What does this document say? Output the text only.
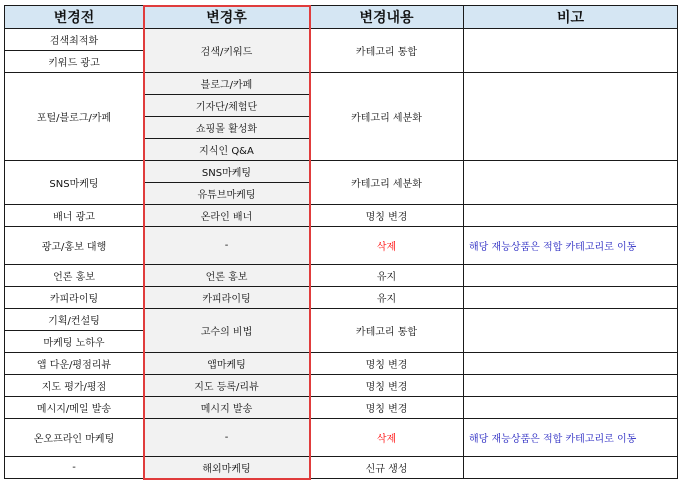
변경전	변경후	변경내용	비고
검색최적화	검색/키워드	카테고리 통합	
키워드 광고			
포털/블로그/카페	블로그/카페	카테고리 세분화	
	기자단/체험단		
	쇼핑몰 활성화		
	지식인 Q&A		
SNS마케팅	SNS마케팅	카테고리 세분화	
	유튜브마케팅		
배너 광고	온라인 배너	명칭 변경	
광고/홍보 대행	-	삭제	해당 재능상품은 적합 카테고리로 이동
언론 홍보	언론 홍보	유지	
카피라이팅	카피라이팅	유지	
기획/컨설팅	고수의 비법	카테고리 통합	
마케팅 노하우			
앱 다운/평점리뷰	앱마케팅	명칭 변경	
지도 평가/평점	지도 등록/리뷰	명칭 변경	
메시지/메일 발송	메시지 발송	명칭 변경	
온오프라인 마케팅	-	삭제	해당 재능상품은 적합 카테고리로 이동
-	해외마케팅	신규 생성	
